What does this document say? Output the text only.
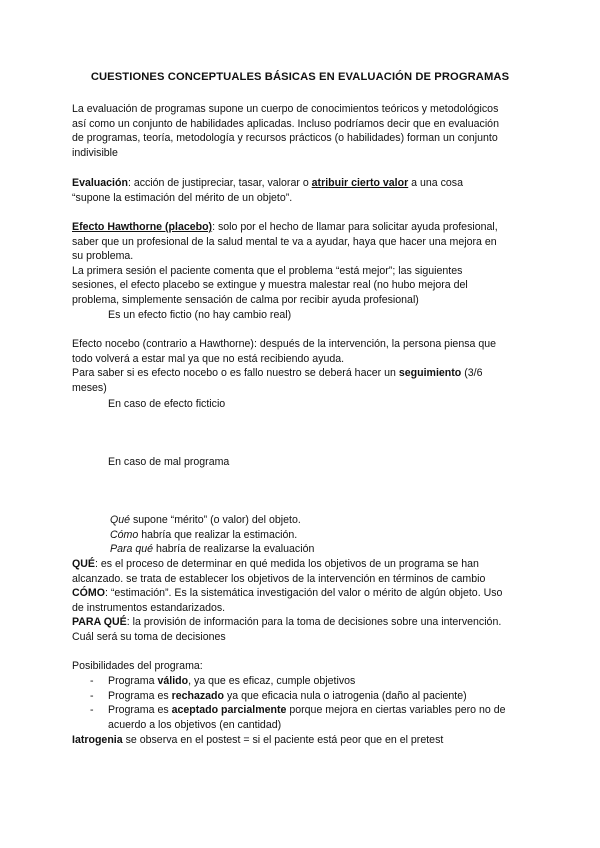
CUESTIONES CONCEPTUALES BÁSICAS EN EVALUACIÓN DE PROGRAMAS
La evaluación de programas supone un cuerpo de conocimientos teóricos y metodológicos
así como un conjunto de habilidades aplicadas. Incluso podríamos decir que en evaluación
de programas, teoría, metodología y recursos prácticos (o habilidades) forman un conjunto
indivisible
Evaluación: acción de justipreciar, tasar, valorar o atribuir cierto valor a una cosa
“supone la estimación del mérito de un objeto”.
Efecto Hawthorne (placebo): solo por el hecho de llamar para solicitar ayuda profesional,
saber que un profesional de la salud mental te va a ayudar, haya que hacer una mejora en
su problema.
La primera sesión el paciente comenta que el problema “está mejor”; las siguientes
sesiones, el efecto placebo se extingue y muestra malestar real (no hubo mejora del
problema, simplemente sensación de calma por recibir ayuda profesional)
Es un efecto fictio (no hay cambio real)
Efecto nocebo (contrario a Hawthorne): después de la intervención, la persona piensa que
todo volverá a estar mal ya que no está recibiendo ayuda.
Para saber si es efecto nocebo o es fallo nuestro se deberá hacer un seguimiento (3/6
meses)
En caso de efecto ficticio
En caso de mal programa
Qué supone “mérito” (o valor) del objeto.
Cómo habría que realizar la estimación.
Para qué habría de realizarse la evaluación
QUÉ: es el proceso de determinar en qué medida los objetivos de un programa se han
alcanzado. se trata de establecer los objetivos de la intervención en términos de cambio
CÓMO: “estimación”. Es la sistemática investigación del valor o mérito de algún objeto. Uso
de instrumentos estandarizados.
PARA QUÉ: la provisión de información para la toma de decisiones sobre una intervención.
Cuál será su toma de decisiones
Posibilidades del programa:
- Programa válido, ya que es eficaz, cumple objetivos
- Programa es rechazado ya que eficacia nula o iatrogenia (daño al paciente)
- Programa es aceptado parcialmente porque mejora en ciertas variables pero no de
acuerdo a los objetivos (en cantidad)
Iatrogenia se observa en el postest = si el paciente está peor que en el pretest
